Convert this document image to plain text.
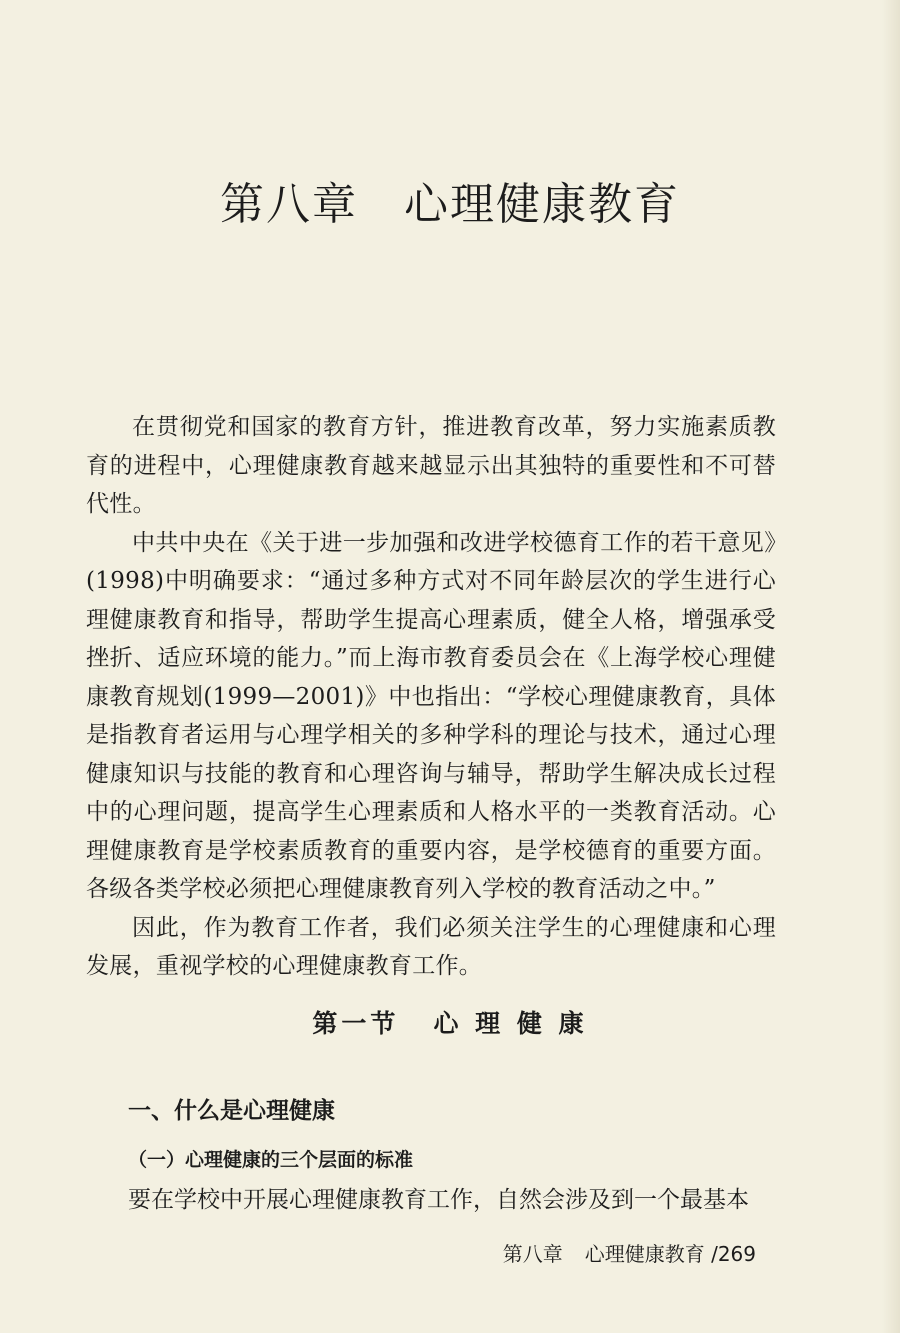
第八章 心理健康教育

在贯彻党和国家的教育方针，推进教育改革，努力实施素质教育的进程中，心理健康教育越来越显示出其独特的重要性和不可替代性。

中共中央在《关于进一步加强和改进学校德育工作的若干意见》(1998)中明确要求：“通过多种方式对不同年龄层次的学生进行心理健康教育和指导，帮助学生提高心理素质，健全人格，增强承受挫折、适应环境的能力。”而上海市教育委员会在《上海学校心理健康教育规划(1999—2001)》中也指出：“学校心理健康教育，具体是指教育者运用与心理学相关的多种学科的理论与技术，通过心理健康知识与技能的教育和心理咨询与辅导，帮助学生解决成长过程中的心理问题，提高学生心理素质和人格水平的一类教育活动。心理健康教育是学校素质教育的重要内容，是学校德育的重要方面。各级各类学校必须把心理健康教育列入学校的教育活动之中。”

因此，作为教育工作者，我们必须关注学生的心理健康和心理发展，重视学校的心理健康教育工作。

第一节 心 理 健 康
一、什么是心理健康
（一）心理健康的三个层面的标准
要在学校中开展心理健康教育工作，自然会涉及到一个最基本
第八章 心理健康教育 /269
